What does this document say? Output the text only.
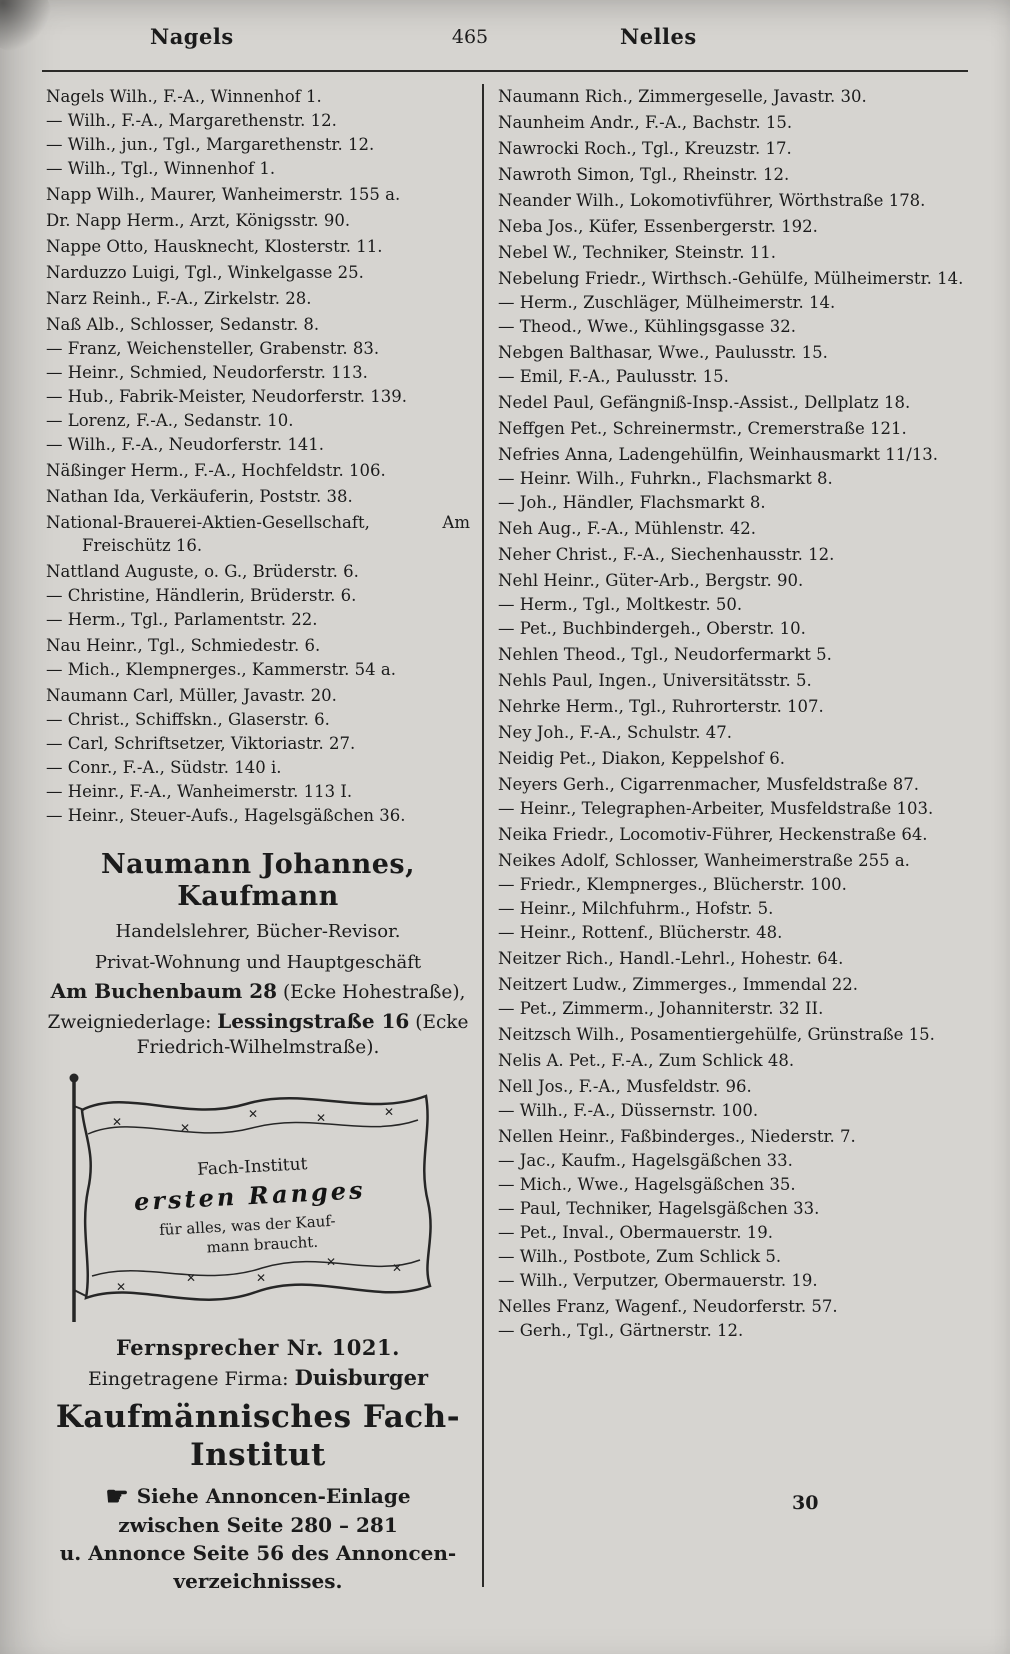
Nagels	465	Nelles
Nagels Wilh., F.-A., Winnenhof 1.
— Wilh., F.-A., Margarethenstr. 12.
— Wilh., jun., Tgl., Margarethenstr. 12.
— Wilh., Tgl., Winnenhof 1.
Napp Wilh., Maurer, Wanheimerstr. 155 a.
Dr. Napp Herm., Arzt, Königsstr. 90.
Nappe Otto, Hausknecht, Klosterstr. 11.
Narduzzo Luigi, Tgl., Winkelgasse 25.
Narz Reinh., F.-A., Zirkelstr. 28.
Naß Alb., Schlosser, Sedanstr. 8.
— Franz, Weichensteller, Grabenstr. 83.
— Heinr., Schmied, Neudorferstr. 113.
— Hub., Fabrik-Meister, Neudorferstr. 139.
— Lorenz, F.-A., Sedanstr. 10.
— Wilh., F.-A., Neudorferstr. 141.
Näßinger Herm., F.-A., Hochfeldstr. 106.
Nathan Ida, Verkäuferin, Poststr. 38.
National-Brauerei-Aktien-Gesellschaft, Am Freischütz 16.
Nattland Auguste, o. G., Brüderstr. 6.
— Christine, Händlerin, Brüderstr. 6.
— Herm., Tgl., Parlamentstr. 22.
Nau Heinr., Tgl., Schmiedestr. 6.
— Mich., Klempnerges., Kammerstr. 54 a.
Naumann Carl, Müller, Javastr. 20.
— Christ., Schiffskn., Glaserstr. 6.
— Carl, Schriftsetzer, Viktoriastr. 27.
— Conr., F.-A., Südstr. 140 i.
— Heinr., F.-A., Wanheimerstr. 113 I.
— Heinr., Steuer-Aufs., Hagelsgäßchen 36.
Naumann Johannes, Kaufmann
Handelslehrer, Bücher-Revisor.
Privat-Wohnung und Hauptgeschäft
Am Buchenbaum 28 (Ecke Hohestraße),
Zweigniederlage: Lessingstraße 16 (Ecke Friedrich-Wilhelmstraße).
✕	✕
✕	✕	✕
✕
✕	✕
✕	✕
Fach-Institut
ersten Ranges
für alles, was der Kauf-
mann braucht.
Fernsprecher Nr. 1021.
Eingetragene Firma: Duisburger
Kaufmännisches Fach-Institut
☛ Siehe Annoncen-Einlage
zwischen Seite 280 – 281
u. Annonce Seite 56 des Annoncen-
verzeichnisses.
Naumann Rich., Zimmergeselle, Javastr. 30.
Naunheim Andr., F.-A., Bachstr. 15.
Nawrocki Roch., Tgl., Kreuzstr. 17.
Nawroth Simon, Tgl., Rheinstr. 12.
Neander Wilh., Lokomotivführer, Wörthstraße 178.
Neba Jos., Küfer, Essenbergerstr. 192.
Nebel W., Techniker, Steinstr. 11.
Nebelung Friedr., Wirthsch.-Gehülfe, Mülheimerstr. 14.
— Herm., Zuschläger, Mülheimerstr. 14.
— Theod., Wwe., Kühlingsgasse 32.
Nebgen Balthasar, Wwe., Paulusstr. 15.
— Emil, F.-A., Paulusstr. 15.
Nedel Paul, Gefängniß-Insp.-Assist., Dellplatz 18.
Neffgen Pet., Schreinermstr., Cremerstraße 121.
Nefries Anna, Ladengehülfin, Weinhausmarkt 11/13.
— Heinr. Wilh., Fuhrkn., Flachsmarkt 8.
— Joh., Händler, Flachsmarkt 8.
Neh Aug., F.-A., Mühlenstr. 42.
Neher Christ., F.-A., Siechenhausstr. 12.
Nehl Heinr., Güter-Arb., Bergstr. 90.
— Herm., Tgl., Moltkestr. 50.
— Pet., Buchbindergeh., Oberstr. 10.
Nehlen Theod., Tgl., Neudorfermarkt 5.
Nehls Paul, Ingen., Universitätsstr. 5.
Nehrke Herm., Tgl., Ruhrorterstr. 107.
Ney Joh., F.-A., Schulstr. 47.
Neidig Pet., Diakon, Keppelshof 6.
Neyers Gerh., Cigarrenmacher, Musfeldstraße 87.
— Heinr., Telegraphen-Arbeiter, Musfeldstraße 103.
Neika Friedr., Locomotiv-Führer, Heckenstraße 64.
Neikes Adolf, Schlosser, Wanheimerstraße 255 a.
— Friedr., Klempnerges., Blücherstr. 100.
— Heinr., Milchfuhrm., Hofstr. 5.
— Heinr., Rottenf., Blücherstr. 48.
Neitzer Rich., Handl.-Lehrl., Hohestr. 64.
Neitzert Ludw., Zimmerges., Immendal 22.
— Pet., Zimmerm., Johanniterstr. 32 II.
Neitzsch Wilh., Posamentiergehülfe, Grünstraße 15.
Nelis A. Pet., F.-A., Zum Schlick 48.
Nell Jos., F.-A., Musfeldstr. 96.
— Wilh., F.-A., Düssernstr. 100.
Nellen Heinr., Faßbinderges., Niederstr. 7.
— Jac., Kaufm., Hagelsgäßchen 33.
— Mich., Wwe., Hagelsgäßchen 35.
— Paul, Techniker, Hagelsgäßchen 33.
— Pet., Inval., Obermauerstr. 19.
— Wilh., Postbote, Zum Schlick 5.
— Wilh., Verputzer, Obermauerstr. 19.
Nelles Franz, Wagenf., Neudorferstr. 57.
— Gerh., Tgl., Gärtnerstr. 12.
30
